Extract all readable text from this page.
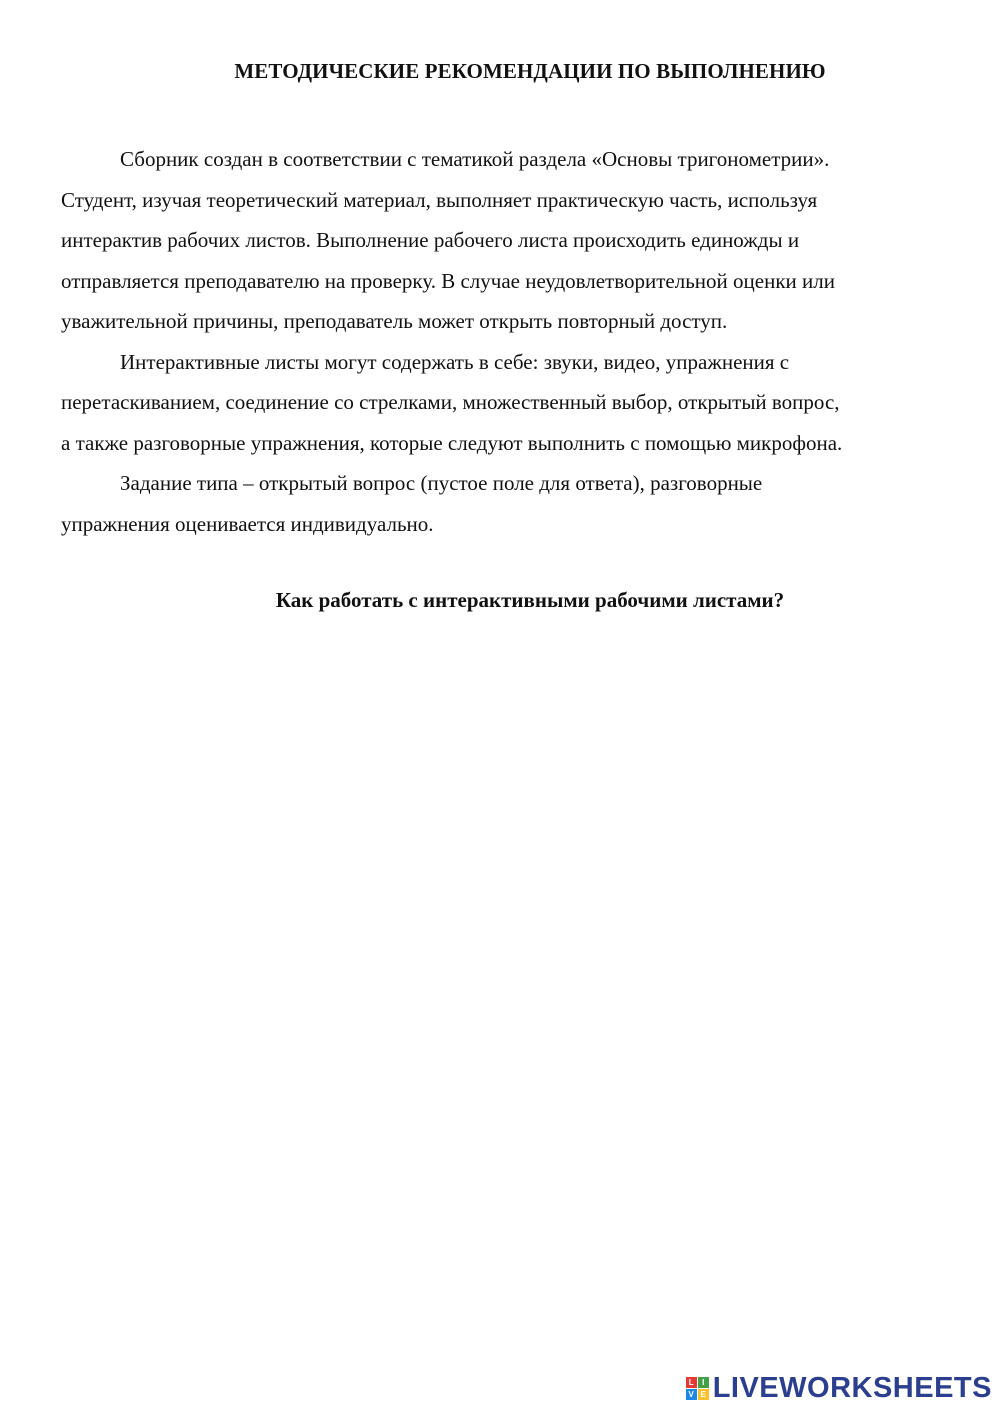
МЕТОДИЧЕСКИЕ РЕКОМЕНДАЦИИ ПО ВЫПОЛНЕНИЮ
Сборник создан в соответствии с тематикой раздела «Основы тригонометрии».
Студент, изучая теоретический материал, выполняет практическую часть, используя
интерактив рабочих листов. Выполнение рабочего листа происходить единожды и
отправляется преподавателю на проверку. В случае неудовлетворительной оценки или
уважительной причины, преподаватель может открыть повторный доступ.
Интерактивные листы могут содержать в себе: звуки, видео, упражнения с
перетаскиванием, соединение со стрелками, множественный выбор, открытый вопрос,
а также разговорные упражнения, которые следуют выполнить с помощью микрофона.
Задание типа – открытый вопрос (пустое поле для ответа), разговорные
упражнения оценивается индивидуально.
Как работать с интерактивными рабочими листами?
L	I
V E LIVEWORKSHEETS
